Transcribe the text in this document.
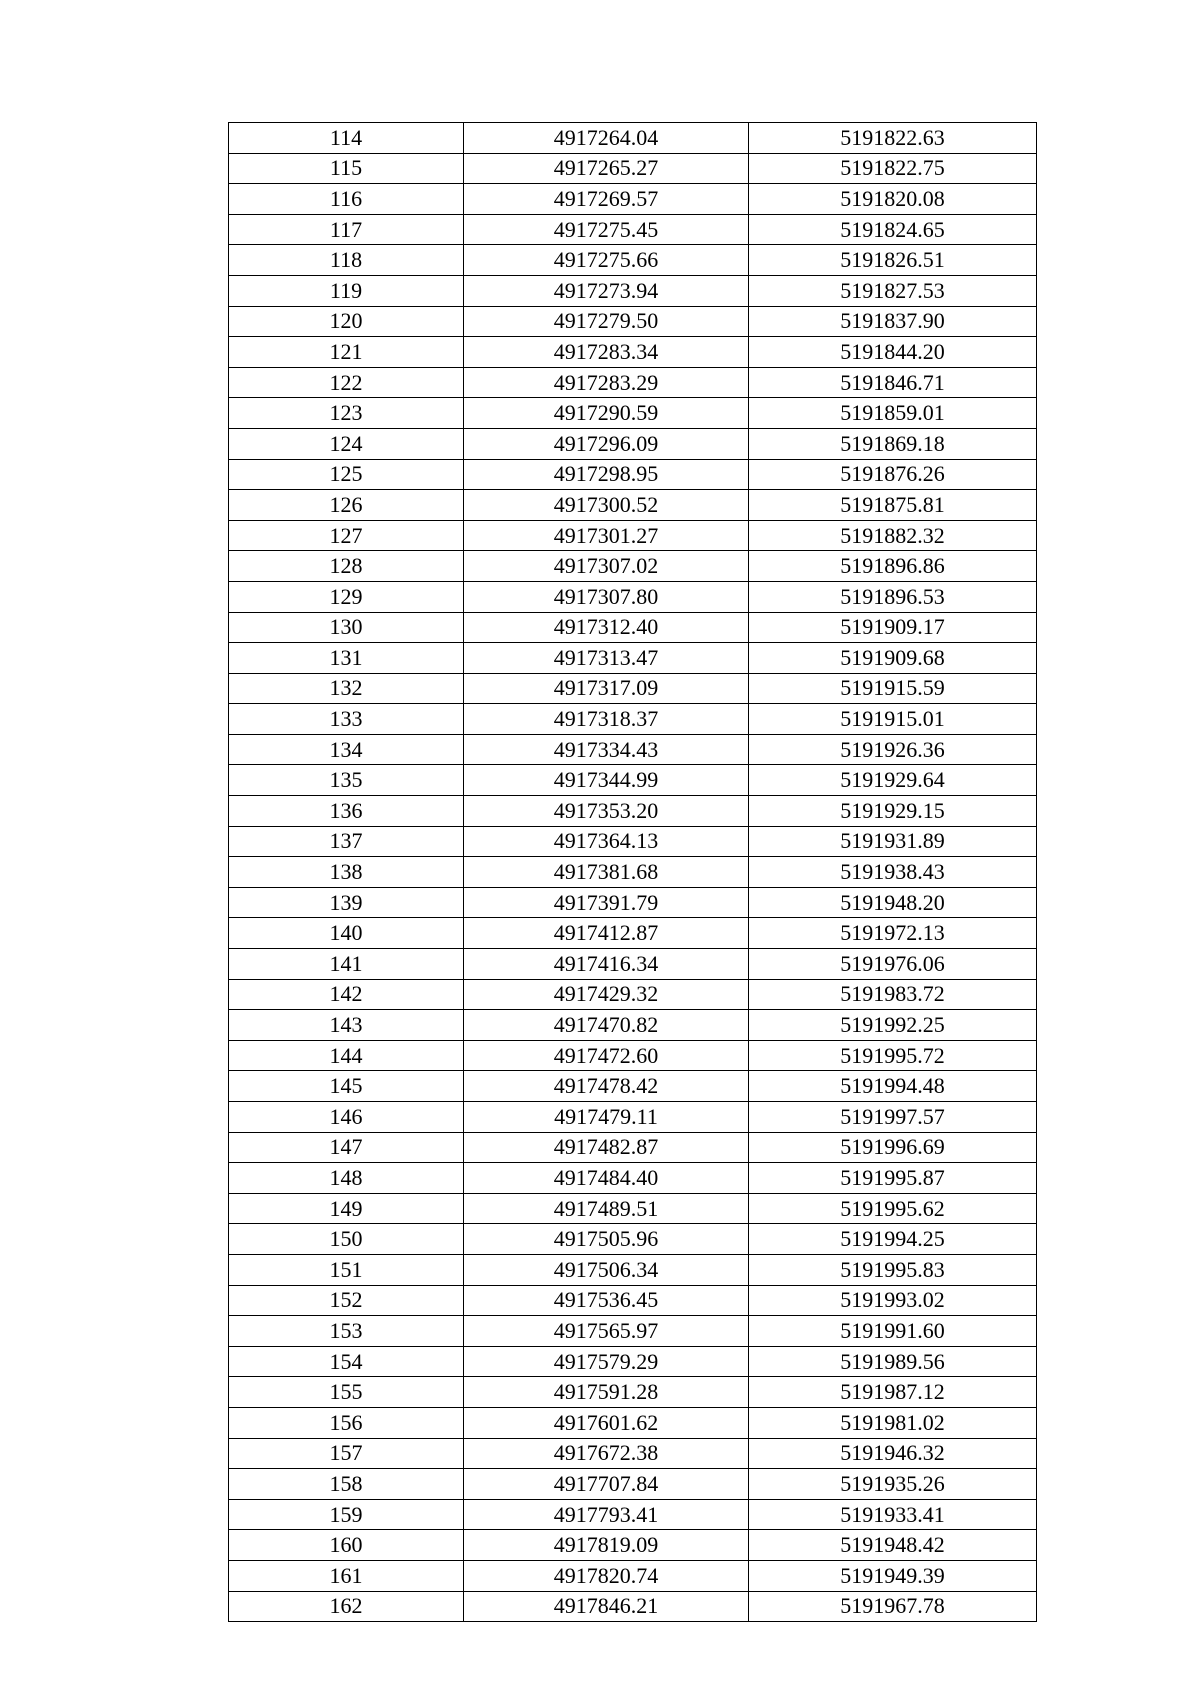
114	4917264.04	5191822.63
115	4917265.27	5191822.75
116	4917269.57	5191820.08
117	4917275.45	5191824.65
118	4917275.66	5191826.51
119	4917273.94	5191827.53
120	4917279.50	5191837.90
121	4917283.34	5191844.20
122	4917283.29	5191846.71
123	4917290.59	5191859.01
124	4917296.09	5191869.18
125	4917298.95	5191876.26
126	4917300.52	5191875.81
127	4917301.27	5191882.32
128	4917307.02	5191896.86
129	4917307.80	5191896.53
130	4917312.40	5191909.17
131	4917313.47	5191909.68
132	4917317.09	5191915.59
133	4917318.37	5191915.01
134	4917334.43	5191926.36
135	4917344.99	5191929.64
136	4917353.20	5191929.15
137	4917364.13	5191931.89
138	4917381.68	5191938.43
139	4917391.79	5191948.20
140	4917412.87	5191972.13
141	4917416.34	5191976.06
142	4917429.32	5191983.72
143	4917470.82	5191992.25
144	4917472.60	5191995.72
145	4917478.42	5191994.48
146	4917479.11	5191997.57
147	4917482.87	5191996.69
148	4917484.40	5191995.87
149	4917489.51	5191995.62
150	4917505.96	5191994.25
151	4917506.34	5191995.83
152	4917536.45	5191993.02
153	4917565.97	5191991.60
154	4917579.29	5191989.56
155	4917591.28	5191987.12
156	4917601.62	5191981.02
157	4917672.38	5191946.32
158	4917707.84	5191935.26
159	4917793.41	5191933.41
160	4917819.09	5191948.42
161	4917820.74	5191949.39
162	4917846.21	5191967.78
